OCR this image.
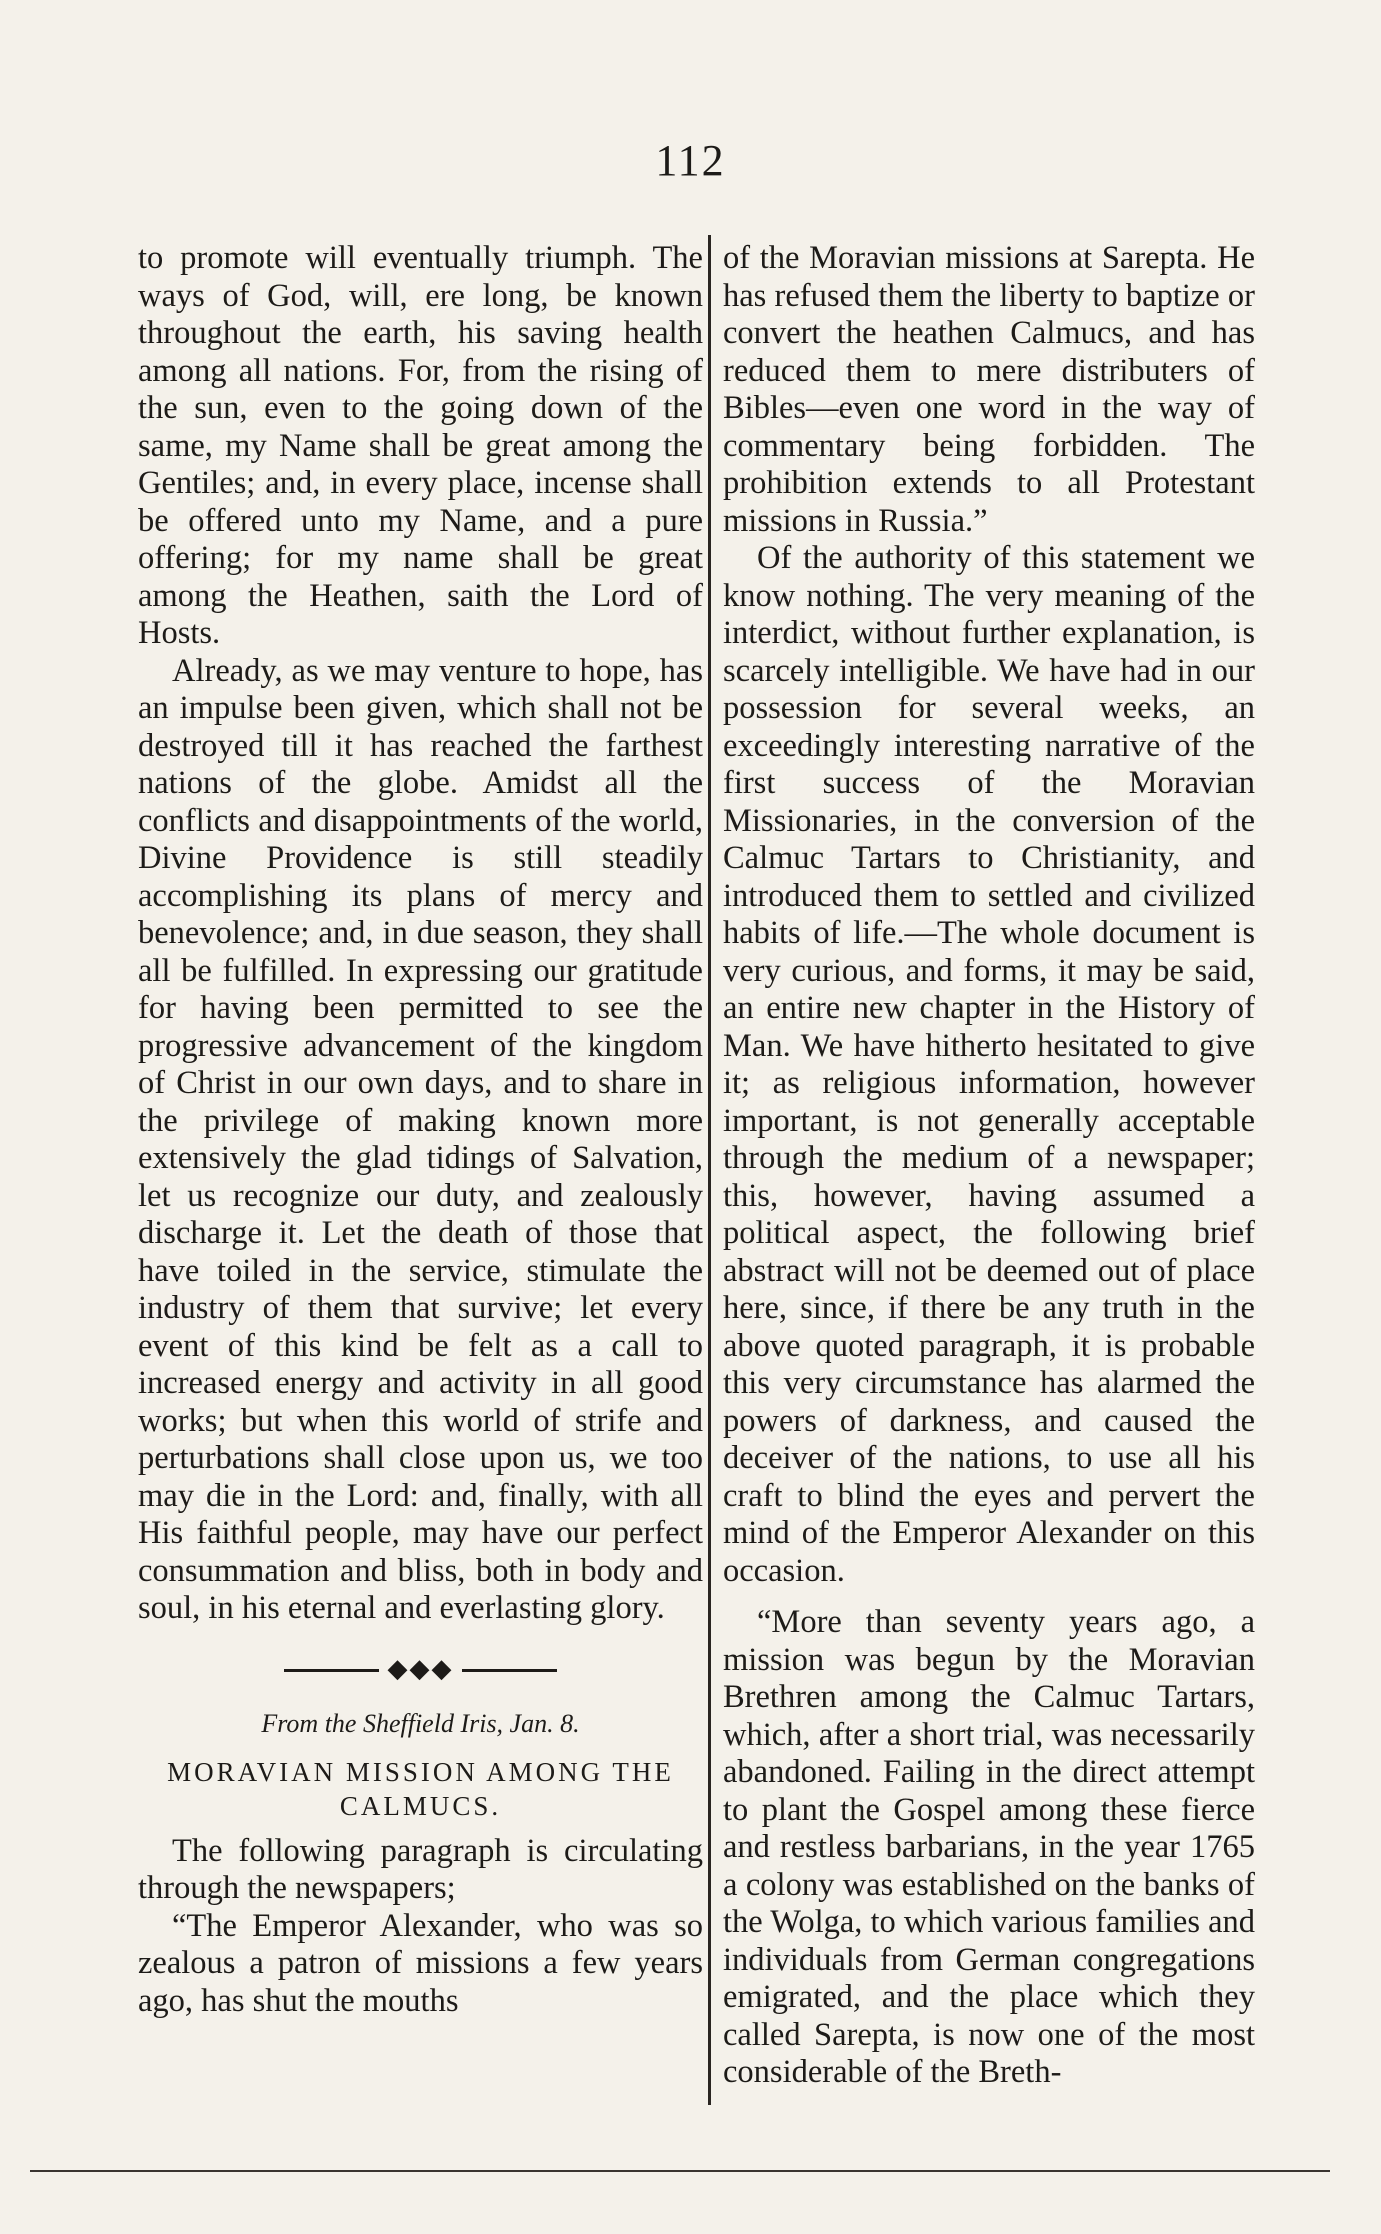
112

to promote will eventually triumph. The ways of God, will, ere long, be known throughout the earth, his saving health among all nations. For, from the rising of the sun, even to the going down of the same, my Name shall be great among the Gentiles; and, in every place, incense shall be offered unto my Name, and a pure offering; for my name shall be great among the Heathen, saith the Lord of Hosts.

Already, as we may venture to hope, has an impulse been given, which shall not be destroyed till it has reached the farthest nations of the globe. Amidst all the conflicts and disappointments of the world, Divine Providence is still steadily accomplishing its plans of mercy and benevolence; and, in due season, they shall all be fulfilled. In expressing our gratitude for having been permitted to see the progressive advancement of the kingdom of Christ in our own days, and to share in the privilege of making known more extensively the glad tidings of Salvation, let us recognize our duty, and zealously discharge it. Let the death of those that have toiled in the service, stimulate the industry of them that survive; let every event of this kind be felt as a call to increased energy and activity in all good works; but when this world of strife and perturbations shall close upon us, we too may die in the Lord: and, finally, with all His faithful people, may have our perfect consummation and bliss, both in body and soul, in his eternal and everlasting glory.

◆◆◆
From the Sheffield Iris, Jan. 8.
MORAVIAN MISSION AMONG THE CALMUCS.

The following paragraph is circulating through the newspapers;

“The Emperor Alexander, who was so zealous a patron of missions a few years ago, has shut the mouths

of the Moravian missions at Sarepta. He has refused them the liberty to baptize or convert the heathen Calmucs, and has reduced them to mere distributers of Bibles—even one word in the way of commentary being forbidden. The prohibition extends to all Protestant missions in Russia.”

Of the authority of this statement we know nothing. The very meaning of the interdict, without further explanation, is scarcely intelligible. We have had in our possession for several weeks, an exceedingly interesting narrative of the first success of the Moravian Missionaries, in the conversion of the Calmuc Tartars to Christianity, and introduced them to settled and civilized habits of life.—The whole document is very curious, and forms, it may be said, an entire new chapter in the History of Man. We have hitherto hesitated to give it; as religious information, however important, is not generally acceptable through the medium of a newspaper; this, however, having assumed a political aspect, the following brief abstract will not be deemed out of place here, since, if there be any truth in the above quoted paragraph, it is probable this very circumstance has alarmed the powers of darkness, and caused the deceiver of the nations, to use all his craft to blind the eyes and pervert the mind of the Emperor Alexander on this occasion.

“More than seventy years ago, a mission was begun by the Moravian Brethren among the Calmuc Tartars, which, after a short trial, was necessarily abandoned. Failing in the direct attempt to plant the Gospel among these fierce and restless barbarians, in the year 1765 a colony was established on the banks of the Wolga, to which various families and individuals from German congregations emigrated, and the place which they called Sarepta, is now one of the most considerable of the Breth-
